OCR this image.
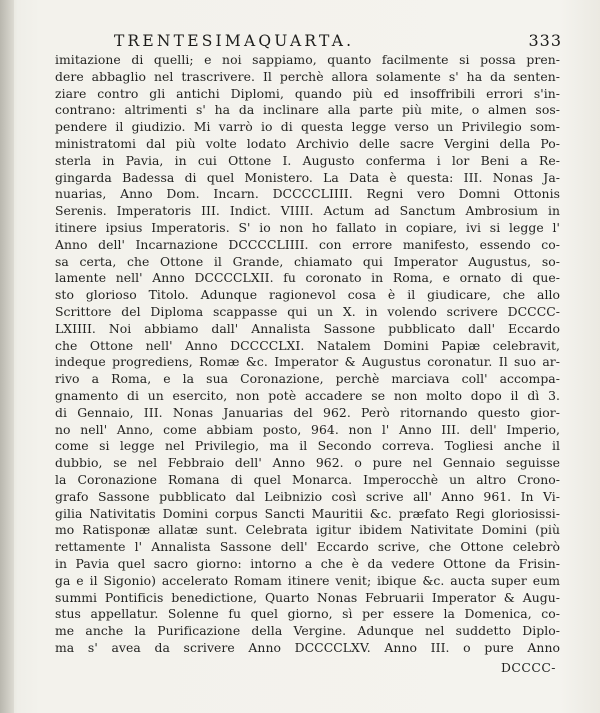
TRENTESIMAQUARTA.	333
imitazione di quelli; e noi sappiamo, quanto facilmente si possa pren-
dere abbaglio nel trascrivere. Il perchè allora solamente s' ha da senten-
ziare contro gli antichi Diplomi, quando più ed insoffribili errori s'in-
contrano: altrimenti s' ha da inclinare alla parte più mite, o almen sos-
pendere il giudizio. Mi varrò io di questa legge verso un Privilegio som-
ministratomi dal più volte lodato Archivio delle sacre Vergini della Po-
sterla in Pavia, in cui Ottone I. Augusto conferma i lor Beni a Re-
gingarda Badessa di quel Monistero. La Data è questa: III. Nonas Ja-
nuarias, Anno Dom. Incarn. DCCCCLIIII. Regni vero Domni Ottonis
Serenis. Imperatoris III. Indict. VIIII. Actum ad Sanctum Ambrosium in
itinere ipsius Imperatoris. S' io non ho fallato in copiare, ivi si legge l'
Anno dell' Incarnazione DCCCCLIIII. con errore manifesto, essendo co-
sa certa, che Ottone il Grande, chiamato qui Imperator Augustus, so-
lamente nell' Anno DCCCCLXII. fu coronato in Roma, e ornato di que-
sto glorioso Titolo. Adunque ragionevol cosa è il giudicare, che allo
Scrittore del Diploma scappasse qui un X. in volendo scrivere DCCCC-
LXIIII. Noi abbiamo dall' Annalista Sassone pubblicato dall' Eccardo
che Ottone nell' Anno DCCCCLXI. Natalem Domini Papiæ celebravit,
indeque progrediens, Romæ &c. Imperator & Augustus coronatur. Il suo ar-
rivo a Roma, e la sua Coronazione, perchè marciava coll' accompa-
gnamento di un esercito, non potè accadere se non molto dopo il dì 3.
di Gennaio, III. Nonas Januarias del 962. Però ritornando questo gior-
no nell' Anno, come abbiam posto, 964. non l' Anno III. dell' Imperio,
come si legge nel Privilegio, ma il Secondo correva. Togliesi anche il
dubbio, se nel Febbraio dell' Anno 962. o pure nel Gennaio seguisse
la Coronazione Romana di quel Monarca. Imperocchè un altro Crono-
grafo Sassone pubblicato dal Leibnizio così scrive all' Anno 961. In Vi-
gilia Nativitatis Domini corpus Sancti Mauritii &c. præfato Regi gloriosissi-
mo Ratisponæ allatæ sunt. Celebrata igitur ibidem Nativitate Domini (più
rettamente l' Annalista Sassone dell' Eccardo scrive, che Ottone celebrò
in Pavia quel sacro giorno: intorno a che è da vedere Ottone da Frisin-
ga e il Sigonio) accelerato Romam itinere venit; ibique &c. aucta super eum
summi Pontificis benedictione, Quarto Nonas Februarii Imperator & Augu-
stus appellatur. Solenne fu quel giorno, sì per essere la Domenica, co-
me anche la Purificazione della Vergine. Adunque nel suddetto Diplo-
ma s' avea da scrivere Anno DCCCCLXV. Anno III. o pure Anno
DCCCC-
